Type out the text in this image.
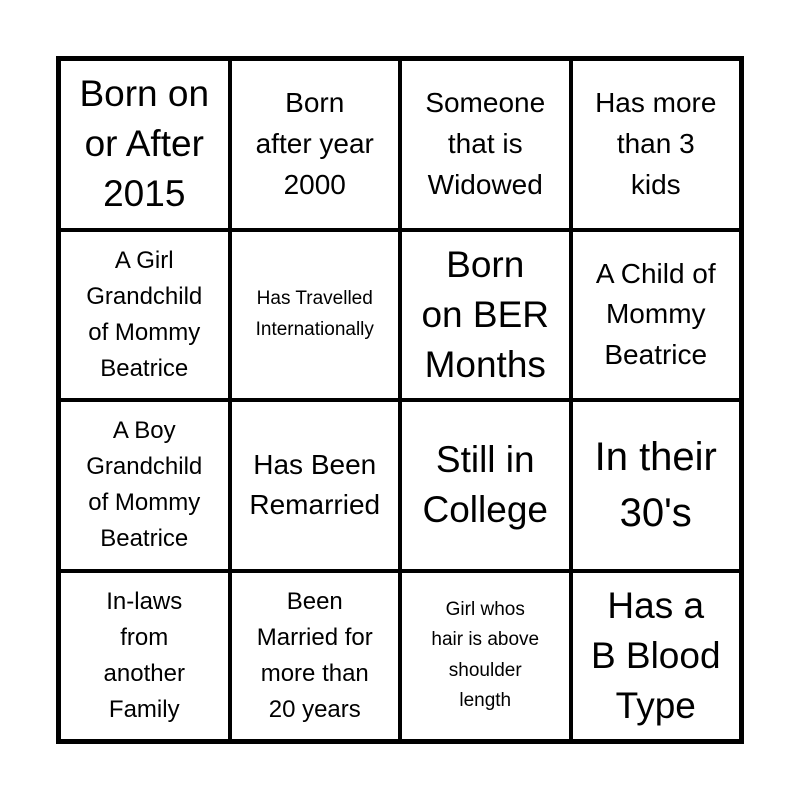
Born on
or After
2015
Born
after year
2000
Someone
that is
Widowed
Has more
than 3
kids
A Girl
Grandchild
of Mommy
Beatrice
Has Travelled
Internationally
Born
on BER
Months
A Child of
Mommy
Beatrice
A Boy
Grandchild
of Mommy
Beatrice
Has Been
Remarried
Still in
College
In their
30's
In-laws
from
another
Family
Been
Married for
more than
20 years
Girl whos
hair is above
shoulder
length
Has a
B Blood
Type
